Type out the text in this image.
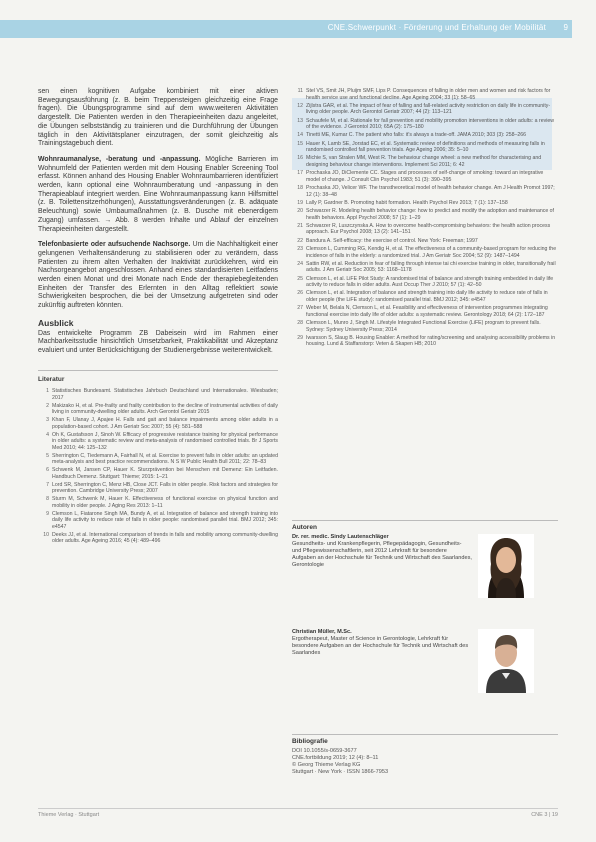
CNE.Schwerpunkt · Förderung und Erhaltung der Mobilität 9

sen einen kognitiven Aufgabe kombiniert mit einer aktiven Bewegungsausführung (z. B. beim Treppensteigen gleichzeitig eine Frage fragen). Die Übungsprogramme sind auf dem www.weiteren Aktivitäten dargestellt. Die Patienten werden in den Therapieeinheiten dazu angeleitet, die Übungen selbstständig zu trainieren und die Durchführung der Übungen täglich in den Aktivitätsplaner einzutragen, der somit gleichzeitig als Trainingstagebuch dient.

Wohnraumanalyse, -beratung und -anpassung. Mögliche Barrieren im Wohnumfeld der Patienten werden mit dem Housing Enabler Screening Tool erfasst. Können anhand des Housing Enabler Wohnraumbarrieren identifiziert werden, kann optional eine Wohnraumberatung und -anpassung in den Therapieablauf integriert werden. Eine Wohnraumanpassung kann Hilfsmittel (z. B. Toilettensitzerhöhungen), Ausstattungsveränderungen (z. B. adäquate Beleuchtung) sowie Umbaumaßnahmen (z. B. Dusche mit ebenerdigem Zugang) umfassen. → Abb. 8 werden Inhalte und Ablauf der einzelnen Therapieeinheiten dargestellt.

Telefonbasierte oder aufsuchende Nachsorge. Um die Nachhaltigkeit einer gelungenen Verhaltensänderung zu stabilisieren oder zu verändern, dass Patienten zu ihrem alten Verhalten der Inaktivität zurückkehren, wird ein Nachsorgeangebot angeschlossen. Anhand eines standardisierten Leitfadens werden einen Monat und drei Monate nach Ende der therapiebegleitenden Einheiten der Transfer des Erlernten in den Alltag reflektiert sowie Schwierigkeiten besprochen, die bei der Umsetzung aufgetreten sind oder zukünftig auftreten könnten.

Ausblick

Das entwickelte Programm ZB Dabeisein wird im Rahmen einer Machbarkeitsstudie hinsichtlich Umsetzbarkeit, Praktikabilität und Akzeptanz evaluiert und unter Berücksichtigung der Studienergebnisse weiterentwickelt.

Literatur
1 Statistisches Bundesamt. Statistisches Jahrbuch Deutschland und Internationales. Wiesbaden; 2017
2 Makizako H, et al. Pre-frailty and frailty contribution to the decline of instrumental activities of daily living in community-dwelling older adults. Arch Gerontol Geriatr 2015
3 Khan F, Ulanay J, Apajee H. Falls and gait and balance impairments among older adults in a population-based cohort. J Am Geriatr Soc 2007; 55 (4): 581–588
4 Oh K, Gustafsson J, Sinoh W. Efficacy of progressive resistance training for physical performance in older adults: a systematic review and meta-analysis of randomised controlled trials. Br J Sports Med 2010; 44: 125–132
5 Sherrington C, Tiedemann A, Fairhall N, et al. Exercise to prevent falls in older adults: an updated meta-analysis and best practice recommendations. N S W Public Health Bull 2011; 22: 78–83
6 Schwenk M, Jansen CP, Hauer K. Sturzprävention bei Menschen mit Demenz: Ein Leitfaden. Handbuch Demenz. Stuttgart: Thieme; 2015: 1–21
7 Lord SR, Sherrington C, Menz HB, Close JCT. Falls in older people. Risk factors and strategies for prevention. Cambridge University Press; 2007
8 Sturm M, Schwenk M, Hauer K. Effectiveness of functional exercise on physical function and mobility in older people. J Aging Res 2013: 1–11
9 Clemson L, Fiatarone Singh MA, Bundy A, et al. Integration of balance and strength training into daily life activity to reduce rate of falls in older people: randomised parallel trial. BMJ 2012; 345: e4547
10 Deeks JJ, et al. International comparison of trends in falls and mobility among community-dwelling older adults. Age Ageing 2016; 45 (4): 489–496
11 Stel VS, Smit JH, Pluijm SMF, Lips P. Consequences of falling in older men and women and risk factors for health service use and functional decline. Age Ageing 2004; 33 (1): 58–65
12 Zijlstra GAR, et al. The impact of fear of falling and fall-related activity restriction on daily life in community-living older people. Arch Gerontol Geriatr 2007; 44 (2): 113–121
13 Schaufele M, et al. Rationale for fall prevention and mobility promotion interventions in older adults: a review of the evidence. J Gerontol 2010; 65A (2): 175–180
14 Tinetti ME, Kumar C. The patient who falls: it's always a trade-off. JAMA 2010; 303 (3): 258–266
15 Hauer K, Lamb SE, Jorstad EC, et al. Systematic review of definitions and methods of measuring falls in randomised controlled fall prevention trials. Age Ageing 2006; 35: 5–10
16 Michie S, van Stralen MM, West R. The behaviour change wheel: a new method for characterising and designing behaviour change interventions. Implement Sci 2011; 6: 42
17 Prochaska JO, DiClemente CC. Stages and processes of self-change of smoking: toward an integrative model of change. J Consult Clin Psychol 1983; 51 (3): 390–395
18 Prochaska JO, Velicer WF. The transtheoretical model of health behavior change. Am J Health Promot 1997; 12 (1): 38–48
19 Lally P, Gardner B. Promoting habit formation. Health Psychol Rev 2013; 7 (1): 137–158
20 Schwarzer R. Modeling health behavior change: how to predict and modify the adoption and maintenance of health behaviors. Appl Psychol 2008; 57 (1): 1–29
21 Schwarzer R, Luszczynska A. How to overcome health-compromising behaviors: the health action process approach. Eur Psychol 2008; 13 (2): 141–151
22 Bandura A. Self-efficacy: the exercise of control. New York: Freeman; 1997
23 Clemson L, Cumming RG, Kendig H, et al. The effectiveness of a community-based program for reducing the incidence of falls in the elderly: a randomized trial. J Am Geriatr Soc 2004; 52 (9): 1487–1494
24 Sattin RW, et al. Reduction in fear of falling through intense tai chi exercise training in older, transitionally frail adults. J Am Geriatr Soc 2005; 53: 1168–1178
25 Clemson L, et al. LiFE Pilot Study: A randomised trial of balance and strength training embedded in daily life activity to reduce falls in older adults. Aust Occup Ther J 2010; 57 (1): 42–50
26 Clemson L, et al. Integration of balance and strength training into daily life activity to reduce rate of falls in older people (the LiFE study): randomised parallel trial. BMJ 2012; 345: e4547
27 Weber M, Belala N, Clemson L, et al. Feasibility and effectiveness of intervention programmes integrating functional exercise into daily life of older adults: a systematic review. Gerontology 2018; 64 (2): 172–187
28 Clemson L, Munro J, Singh M. Lifestyle Integrated Functional Exercise (LiFE) program to prevent falls. Sydney: Sydney University Press; 2014
29 Iwarsson S, Slaug B. Housing Enabler: A method for rating/screening and analysing accessibility problems in housing. Lund & Staffanstorp: Veten & Skapen HB; 2010
Autoren
Dr. rer. medic. Sindy Lautenschläger
Gesundheits- und Krankenpflegerin, Pflegepädagogin, Gesundheits- und Pflegewissenschaftlerin, seit 2012 Lehrkraft für besondere Aufgaben an der Hochschule für Technik und Wirtschaft des Saarlandes, Gerontologie
Christian Müller, M.Sc.
Ergotherapeut, Master of Science in Gerontologie, Lehrkraft für besondere Aufgaben an der Hochschule für Technik und Wirtschaft des Saarlandes
Bibliografie
DOI 10.1055/s-0659-3677
CNE.fortbildung 2019; 12 (4): 8–11
© Georg Thieme Verlag KG
Stuttgart · New York · ISSN 1866-7953
Thieme Verlag · Stuttgart	CNE 3 | 19
